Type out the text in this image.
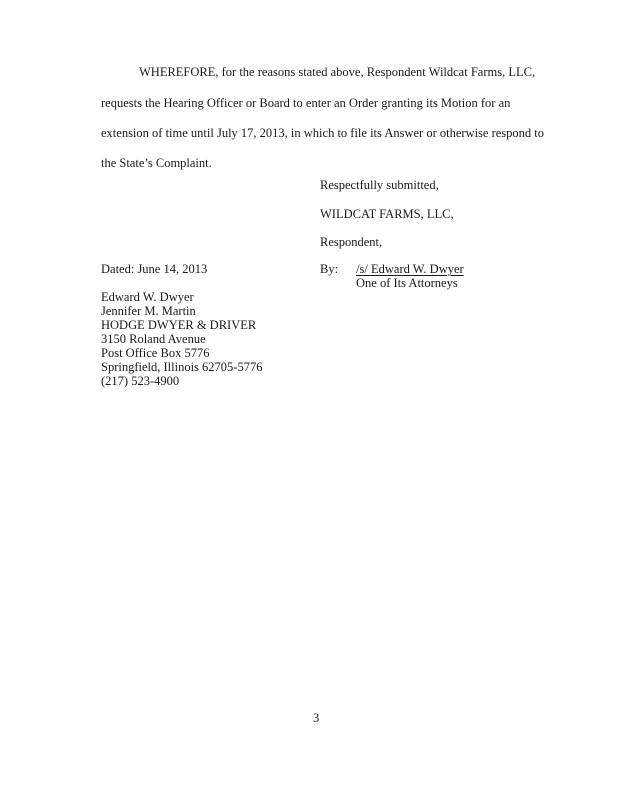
WHEREFORE, for the reasons stated above, Respondent Wildcat Farms, LLC,
requests the Hearing Officer or Board to enter an Order granting its Motion for an
extension of time until July 17, 2013, in which to file its Answer or otherwise respond to
the State’s Complaint.
Respectfully submitted,
WILDCAT FARMS, LLC,
Respondent,
By: /s/ Edward W. Dwyer
One of Its Attorneys
Dated: June 14, 2013
Edward W. Dwyer
Jennifer M. Martin
HODGE DWYER & DRIVER
3150 Roland Avenue
Post Office Box 5776
Springfield, Illinois 62705-5776
(217) 523-4900
3
